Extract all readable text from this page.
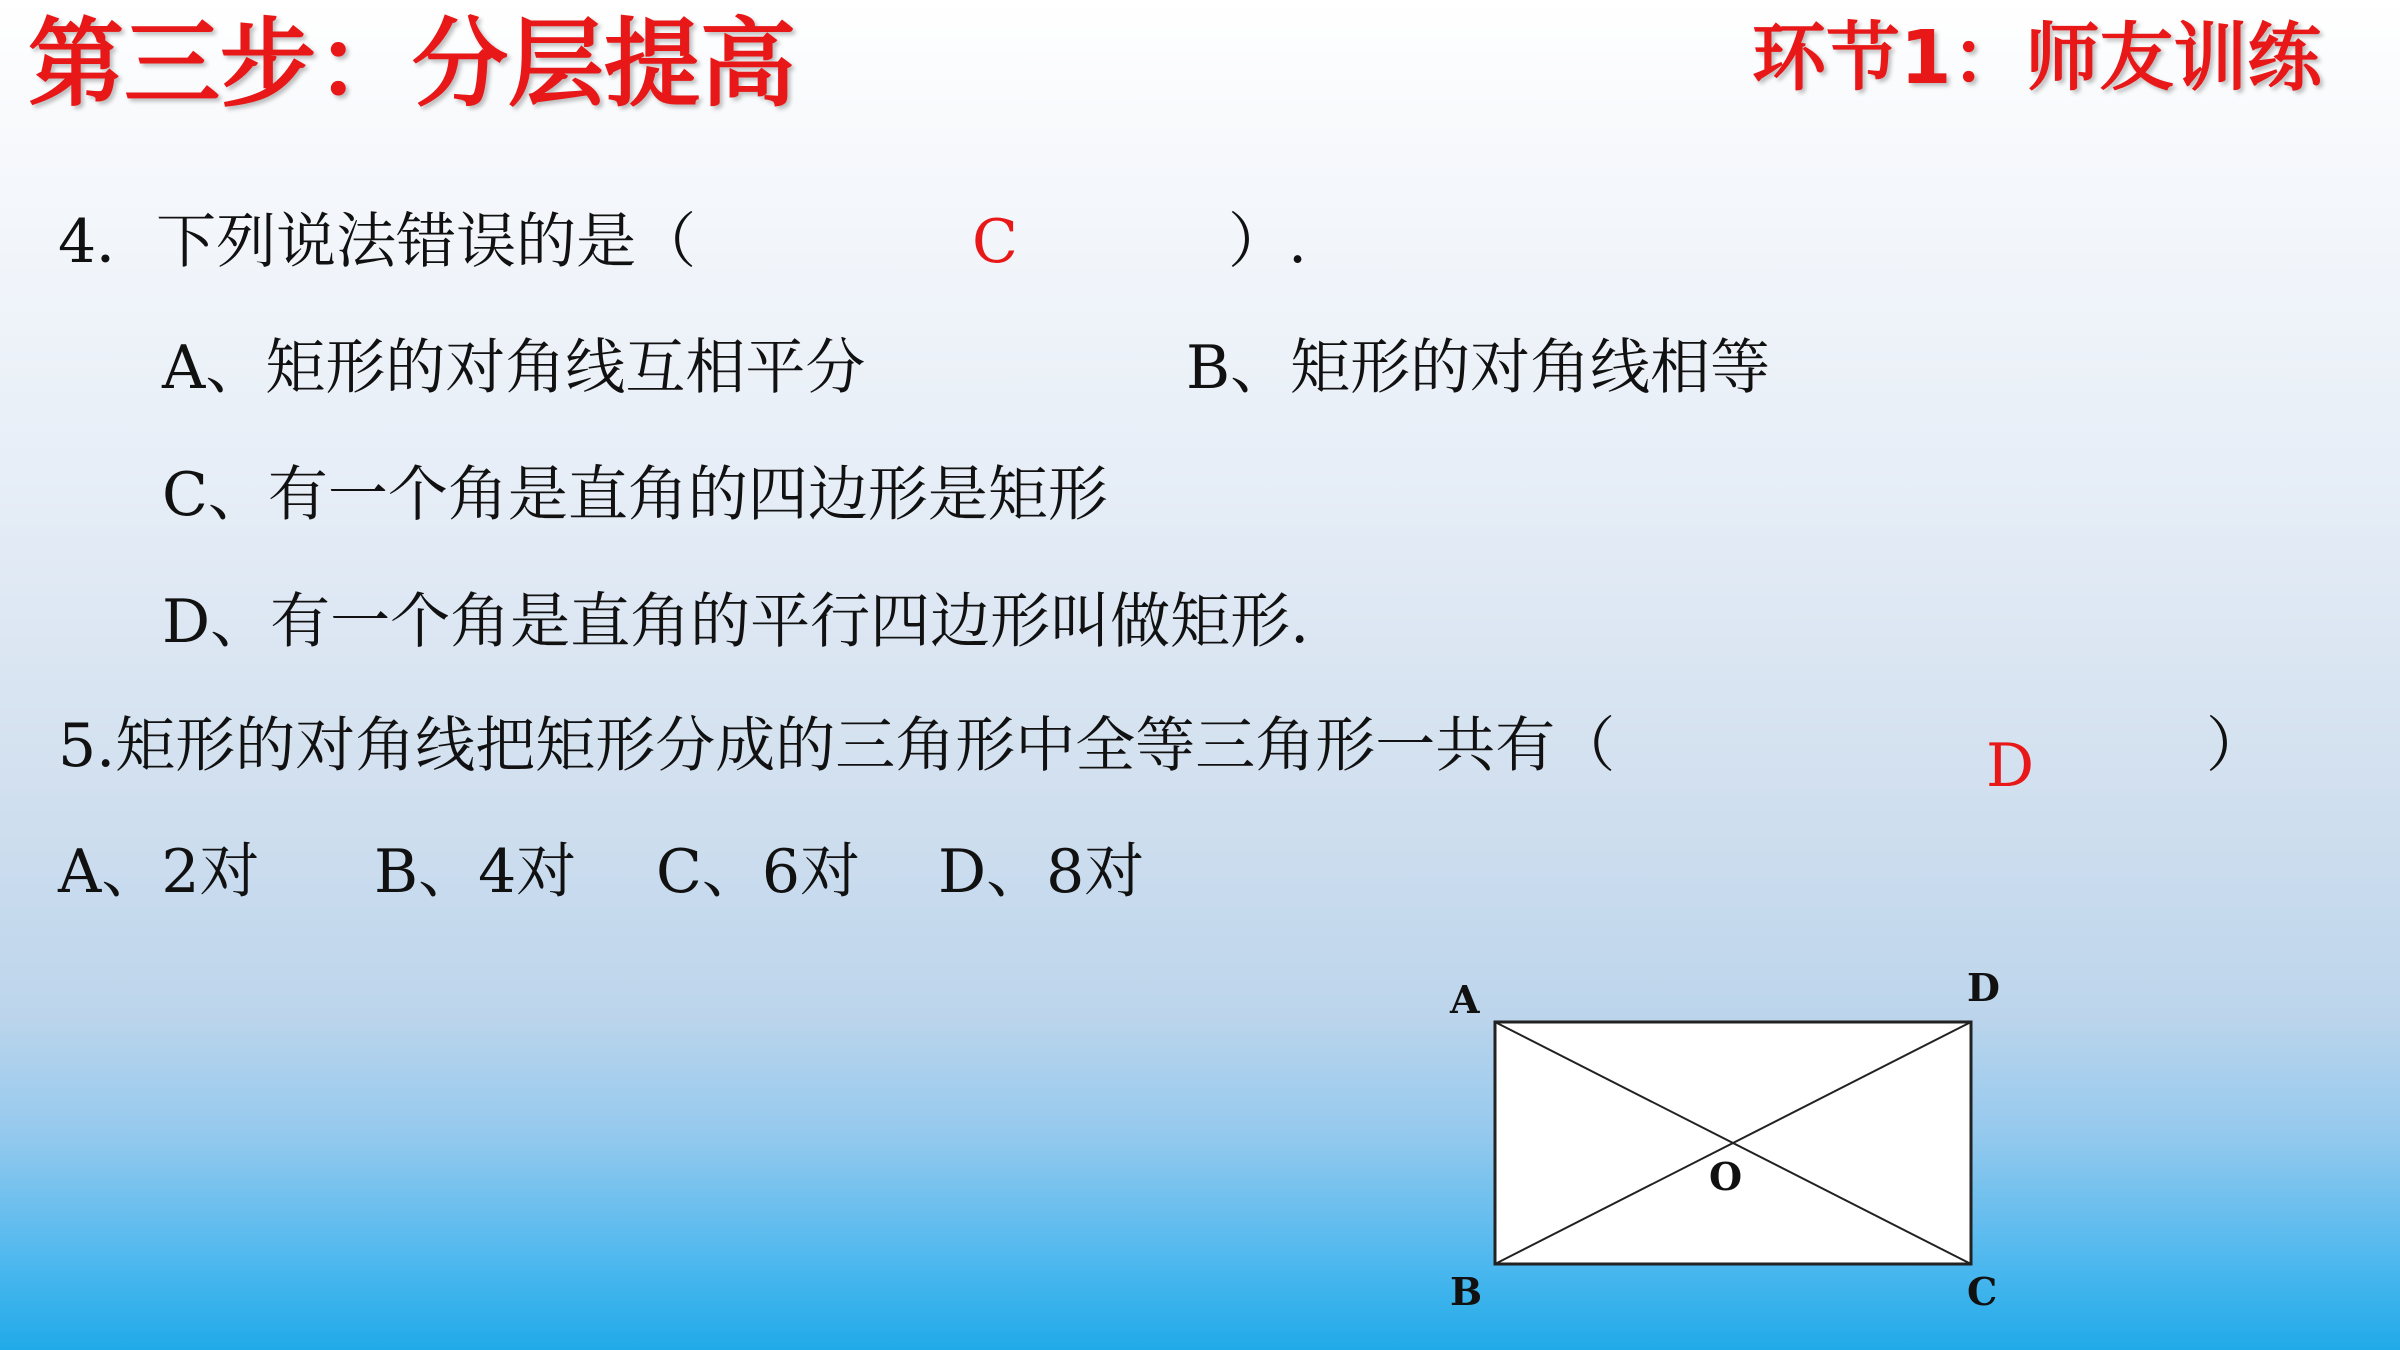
第三步：分层提高	环节1：师友训练
4．下列说法错误的是（	C	）.
A、矩形的对角线互相平分	B、矩形的对角线相等
C、有一个角是直角的四边形是矩形
D、有一个角是直角的平行四边形叫做矩形.
5.矩形的对角线把矩形分成的三角形中全等三角形一共有（	D	）
A、2对 B、4对 C、6对 D、8对
A	D
B	C
O
